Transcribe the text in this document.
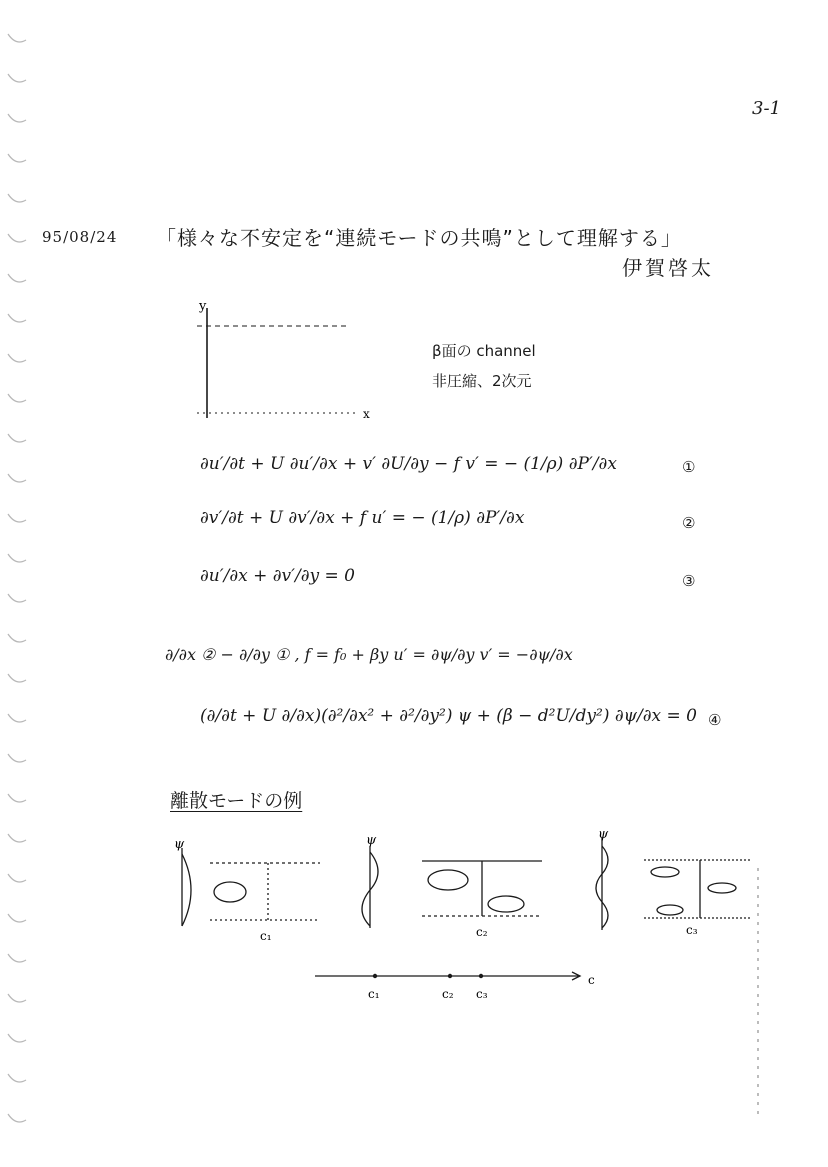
3-1
95/08/24 「様々な不安定を“連続モードの共鳴”として理解する」
伊賀啓太
y
x
β面の channel
非圧縮、2次元
∂u′/∂t + U ∂u′/∂x + v′ ∂U/∂y − f v′ = − (1/ρ) ∂P′/∂x	①
∂v′/∂t + U ∂v′/∂x + f u′ = − (1/ρ) ∂P′/∂x	②
∂u′/∂x + ∂v′/∂y = 0	③
∂/∂x ② − ∂/∂y ① , f = f₀ + βy u′ = ∂ψ/∂y v′ = −∂ψ/∂x
(∂/∂t + U ∂/∂x)(∂²/∂x² + ∂²/∂y²) ψ + (β − d²U/dy²) ∂ψ/∂x = 0 ④
離散モードの例
ψ	ψ	ψ
c₁	c₂	c₃
c₁	c₂ c₃
c
